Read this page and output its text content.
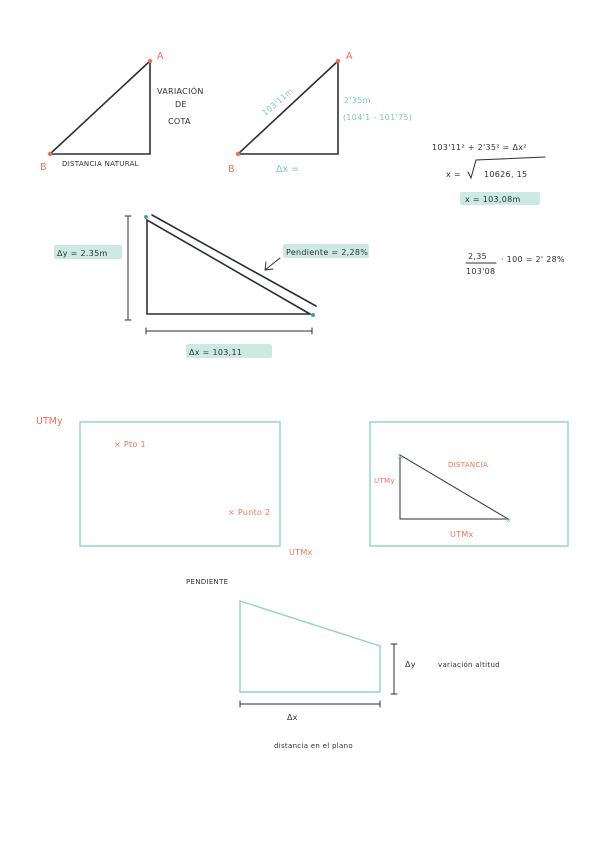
A
B
VARIACIÓN
DE
COTA
DISTANCIA NATURAL
A
B
103'11m	2'35m
(104'1 - 101'75)
Δx =
103'11² + 2'35² = Δx²
x =	10626, 15
x = 103,08m
Δy = 2.35m	Pendiente = 2,28%
Δx = 103,11
2,35
103'08
· 100 = 2' 28%
UTMy
× Pto 1
× Punto 2
UTMx
×
×
UTMy
DISTANCIA
UTMx
PENDIENTE
Δy	variación altitud
Δx
distancia en el plano
